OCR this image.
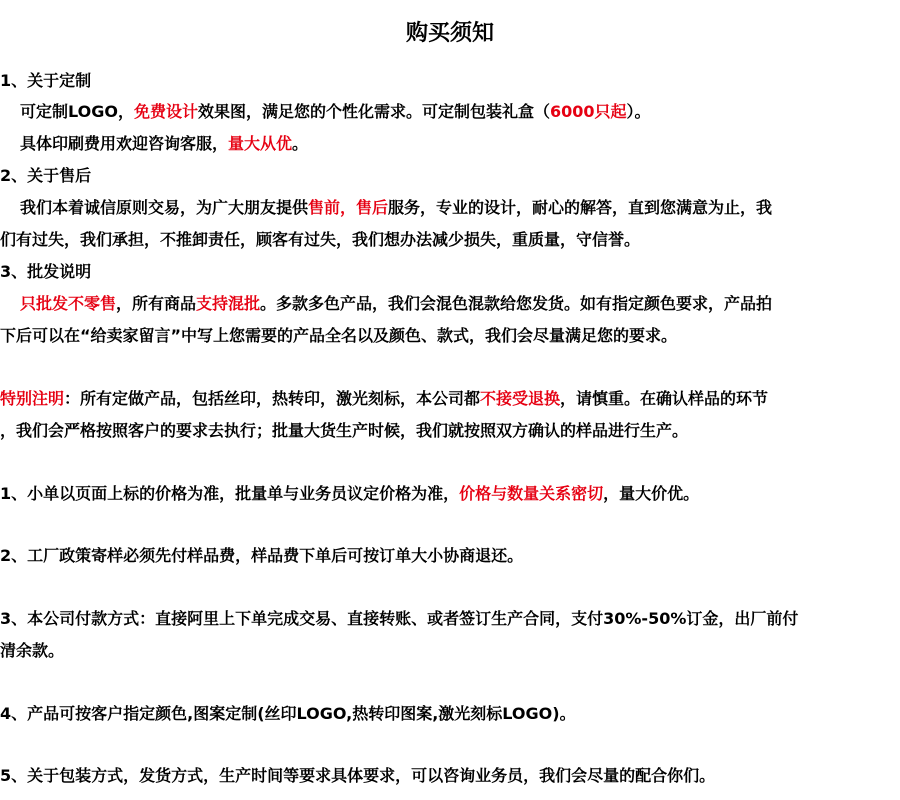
购买须知
1、关于定制
可定制LOGO，免费设计效果图，满足您的个性化需求。可定制包装礼盒（6000只起）。
具体印刷费用欢迎咨询客服，量大从优。
2、关于售后
我们本着诚信原则交易，为广大朋友提供售前，售后服务，专业的设计，耐心的解答，直到您满意为止，我
们有过失，我们承担，不推卸责任，顾客有过失，我们想办法减少损失，重质量，守信誉。
3、批发说明
只批发不零售，所有商品支持混批。多款多色产品，我们会混色混款给您发货。如有指定颜色要求，产品拍
下后可以在“给卖家留言”中写上您需要的产品全名以及颜色、款式，我们会尽量满足您的要求。
特别注明：所有定做产品，包括丝印，热转印，激光刻标，本公司都不接受退换，请慎重。在确认样品的环节
，我们会严格按照客户的要求去执行；批量大货生产时候，我们就按照双方确认的样品进行生产。
1、小单以页面上标的价格为准，批量单与业务员议定价格为准，价格与数量关系密切，量大价优。
2、工厂政策寄样必须先付样品费，样品费下单后可按订单大小协商退还。
3、本公司付款方式：直接阿里上下单完成交易、直接转账、或者签订生产合同，支付30%-50%订金，出厂前付
清余款。
4、产品可按客户指定颜色,图案定制(丝印LOGO,热转印图案,激光刻标LOGO)。
5、关于包装方式，发货方式，生产时间等要求具体要求，可以咨询业务员，我们会尽量的配合你们。
